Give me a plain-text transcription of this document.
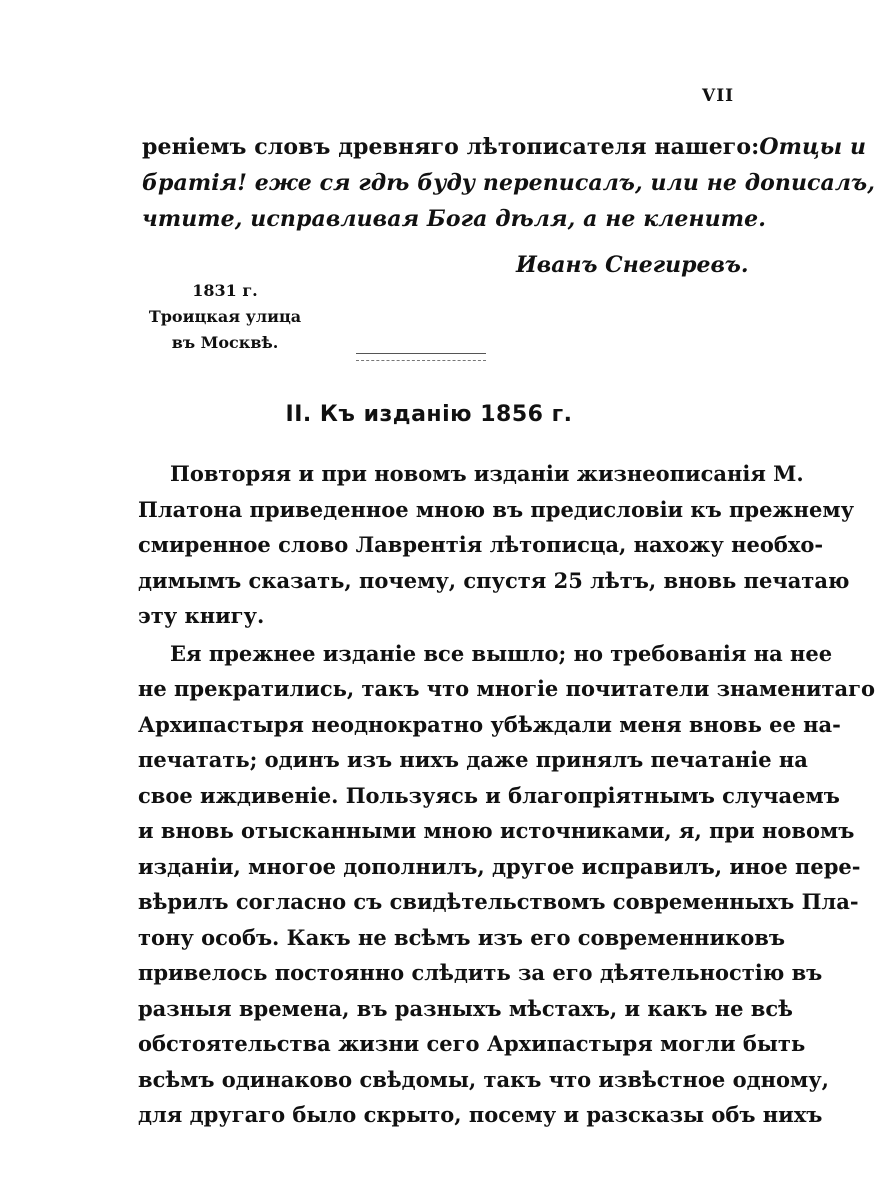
VII
реніемъ словъ древняго лѣтописателя нашего: Отцы и
братія! еже ся гдѣ буду переписалъ, или не дописалъ,
чтите, исправливая Бога дѣля, а не клените.
Иванъ Снегиревъ.
1831 г.
Троицкая улица
въ Москвѣ.
II. Къ изданію 1856 г.
Повторяя и при новомъ изданіи жизнеописанія М.
Платона приведенное мною въ предисловіи къ прежнему
смиренное слово Лаврентія лѣтописца, нахожу необхо-
димымъ сказать, почему, спустя 25 лѣтъ, вновь печатаю
эту книгу.
Ея прежнее изданіе все вышло; но требованія на нее
не прекратились, такъ что многіе почитатели знаменитаго
Архипастыря неоднократно убѣждали меня вновь ее на-
печатать; одинъ изъ нихъ даже принялъ печатаніе на
свое иждивеніе. Пользуясь и благопріятнымъ случаемъ
и вновь отысканными мною источниками, я, при новомъ
изданіи, многое дополнилъ, другое исправилъ, иное пере-
вѣрилъ согласно съ свидѣтельствомъ современныхъ Пла-
тону особъ. Какъ не всѣмъ изъ его современниковъ
привелось постоянно слѣдить за его дѣятельностію въ
разныя времена, въ разныхъ мѣстахъ, и какъ не всѣ
обстоятельства жизни сего Архипастыря могли быть
всѣмъ одинаково свѣдомы, такъ что извѣстное одному,
для другаго было скрыто, посему и разсказы объ нихъ
